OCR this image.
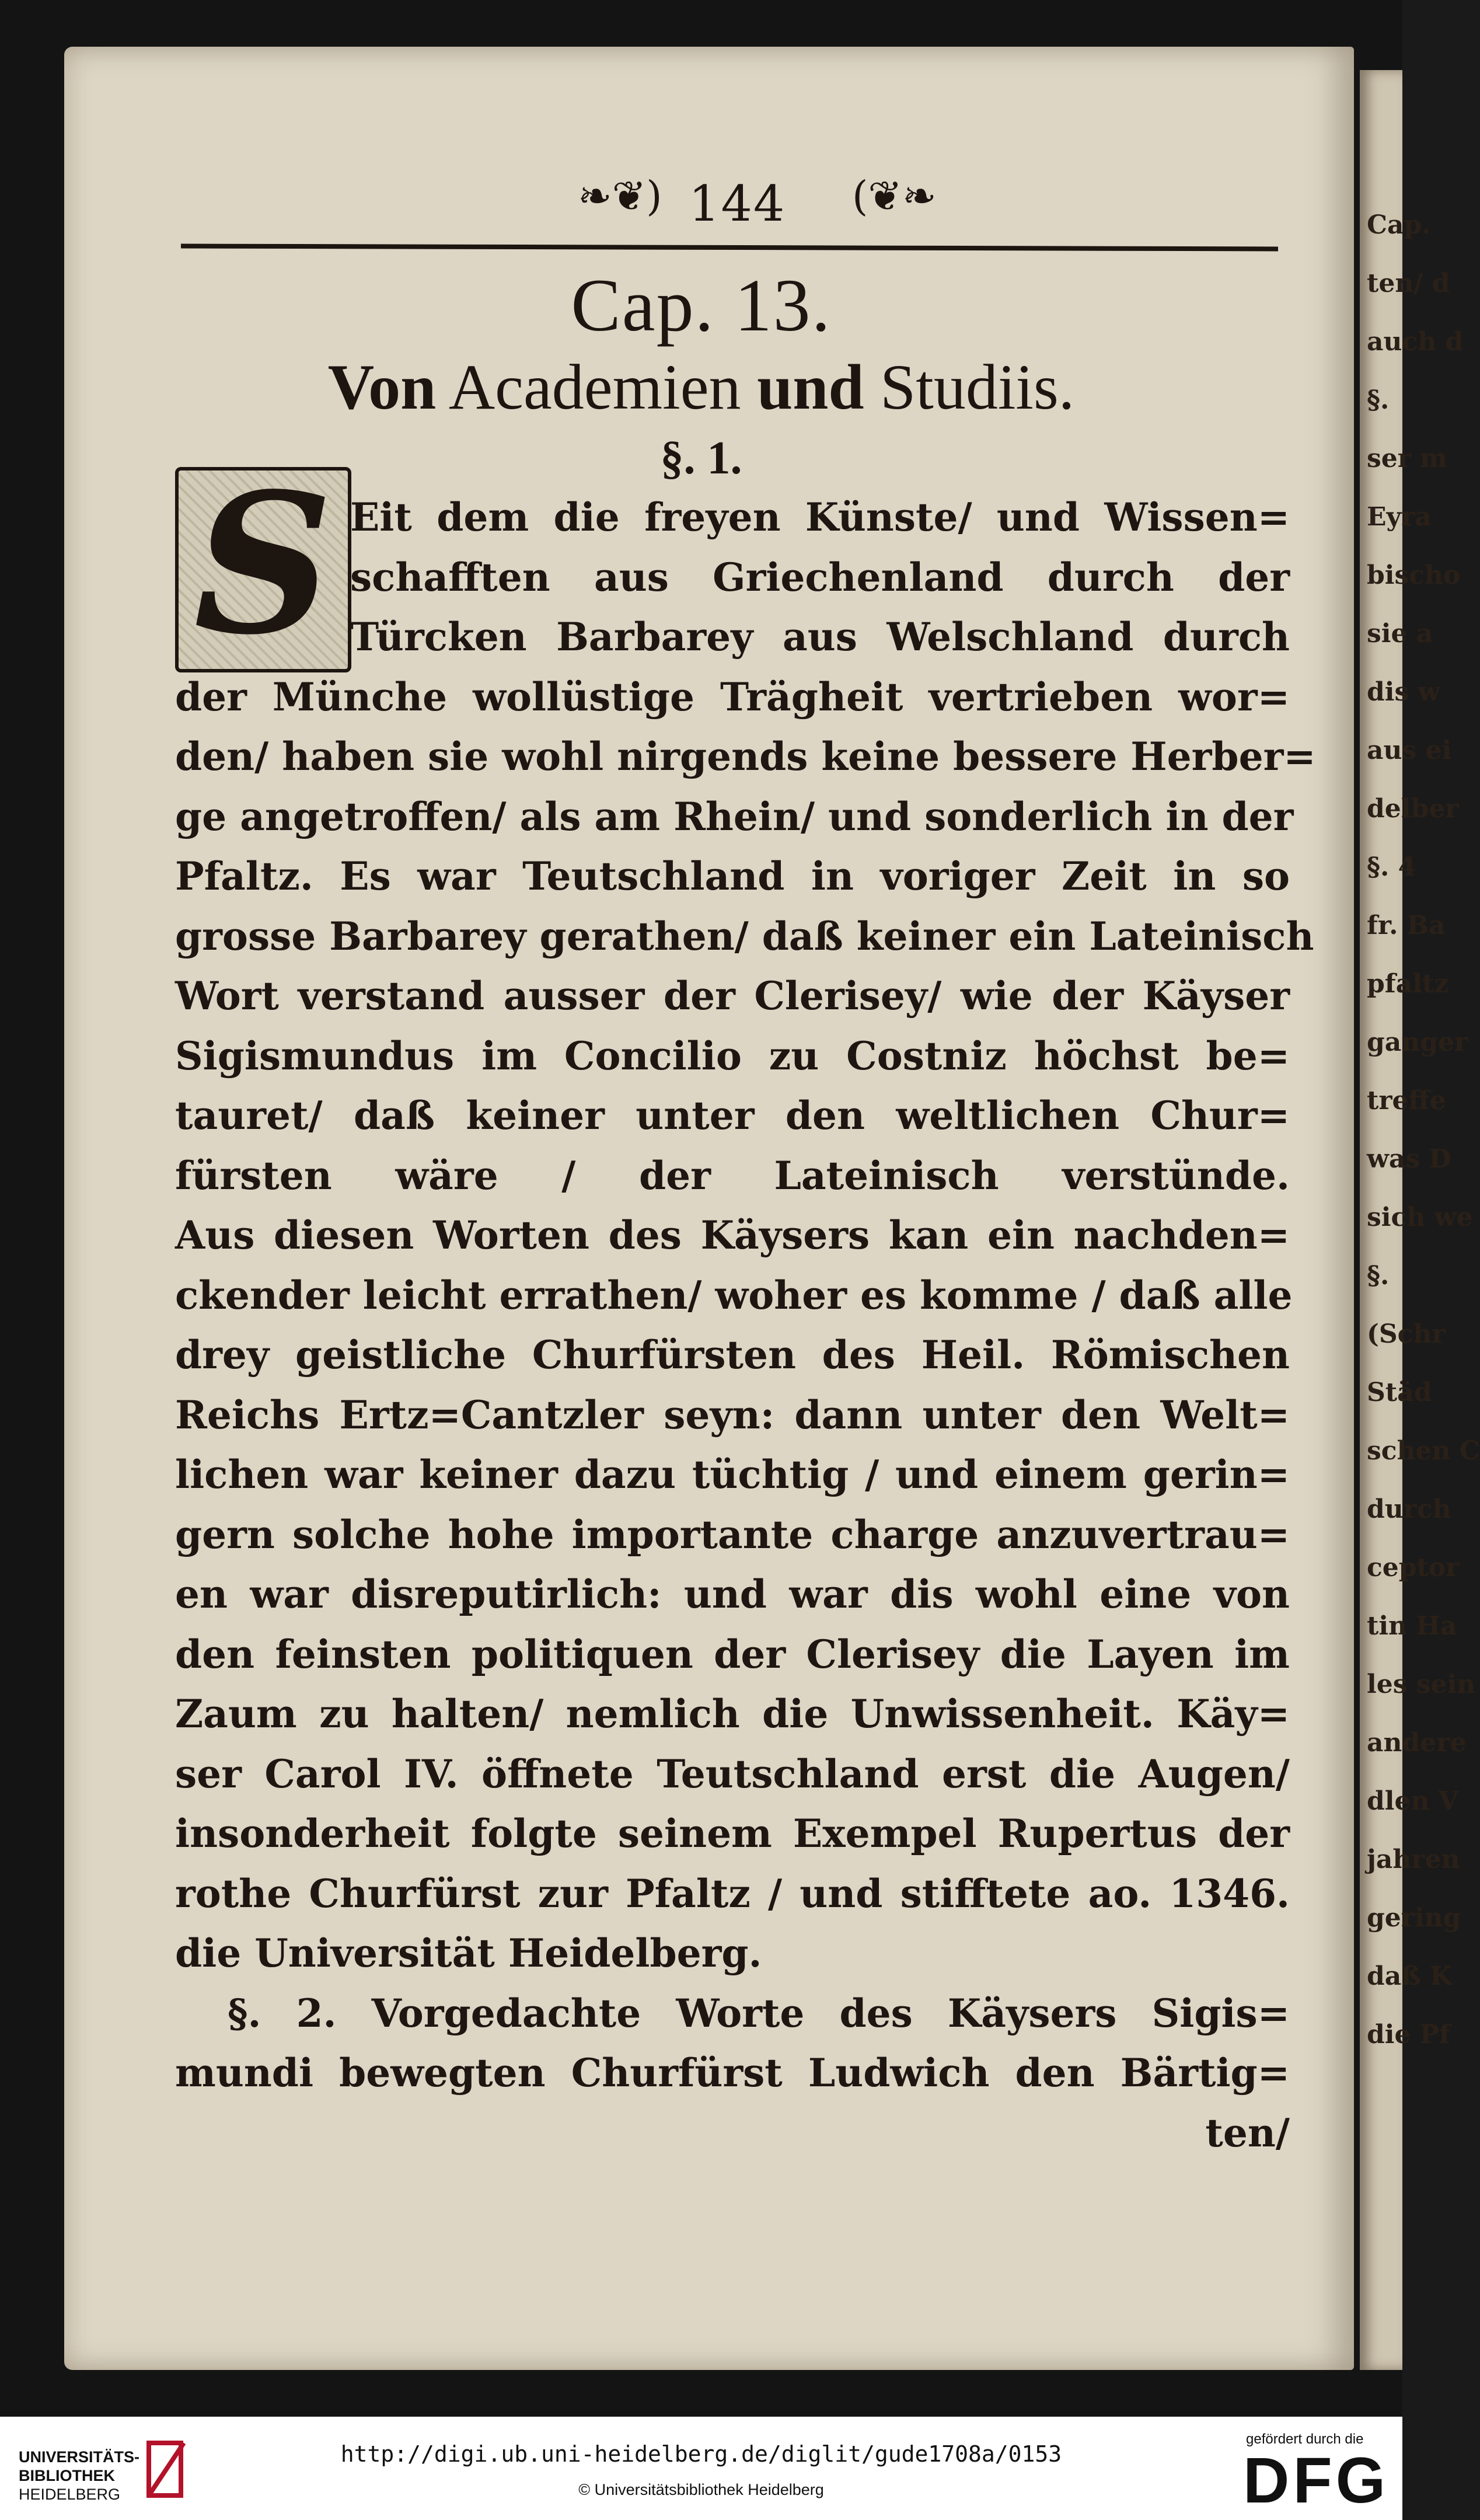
Cap.
ten/ d
auch d
§.
ser m
Eyra
bischo
sie a
dis w
aus ei
delber
§. 4
fr. Ba
pfaltz
ganger
treffe
was D
sich we
§.
(Schr
Städ
schen C
durch
ceptor
tin Ha
les sein
andere
dlen V
jahren
gering
daß K
die Pf
❧❦) 144 (❦❧
Cap. 13.
Von Academien und Studiis.
§. 1.
S Eit dem die freyen Künste/ und Wissen=
schafften aus Griechenland durch der
Türcken Barbarey aus Welschland durch
der Münche wollüstige Trägheit vertrieben wor=
den/ haben sie wohl nirgends keine bessere Herber=
ge angetroffen/ als am Rhein/ und sonderlich in der
Pfaltz. Es war Teutschland in voriger Zeit in so
grosse Barbarey gerathen/ daß keiner ein Lateinisch
Wort verstand ausser der Clerisey/ wie der Käyser
Sigismundus im Concilio zu Costniz höchst be=
tauret/ daß keiner unter den weltlichen Chur=
fürsten wäre / der Lateinisch verstünde.
Aus diesen Worten des Käysers kan ein nachden=
ckender leicht errathen/ woher es komme / daß alle
drey geistliche Churfürsten des Heil. Römischen
Reichs Ertz=Cantzler seyn: dann unter den Welt=
lichen war keiner dazu tüchtig / und einem gerin=
gern solche hohe importante charge anzuvertrau=
en war disreputirlich: und war dis wohl eine von
den feinsten politiquen der Clerisey die Layen im
Zaum zu halten/ nemlich die Unwissenheit. Käy=
ser Carol IV. öffnete Teutschland erst die Augen/
insonderheit folgte seinem Exempel Rupertus der
rothe Churfürst zur Pfaltz / und stifftete ao. 1346.
die Universität Heidelberg.
§. 2. Vorgedachte Worte des Käysers Sigis=
mundi bewegten Churfürst Ludwich den Bärtig=
ten/
UNIVERSITÄTS-
BIBLIOTHEK
HEIDELBERG
http://digi.ub.uni-heidelberg.de/diglit/gude1708a/0153
© Universitätsbibliothek Heidelberg
gefördert durch die
DFG
